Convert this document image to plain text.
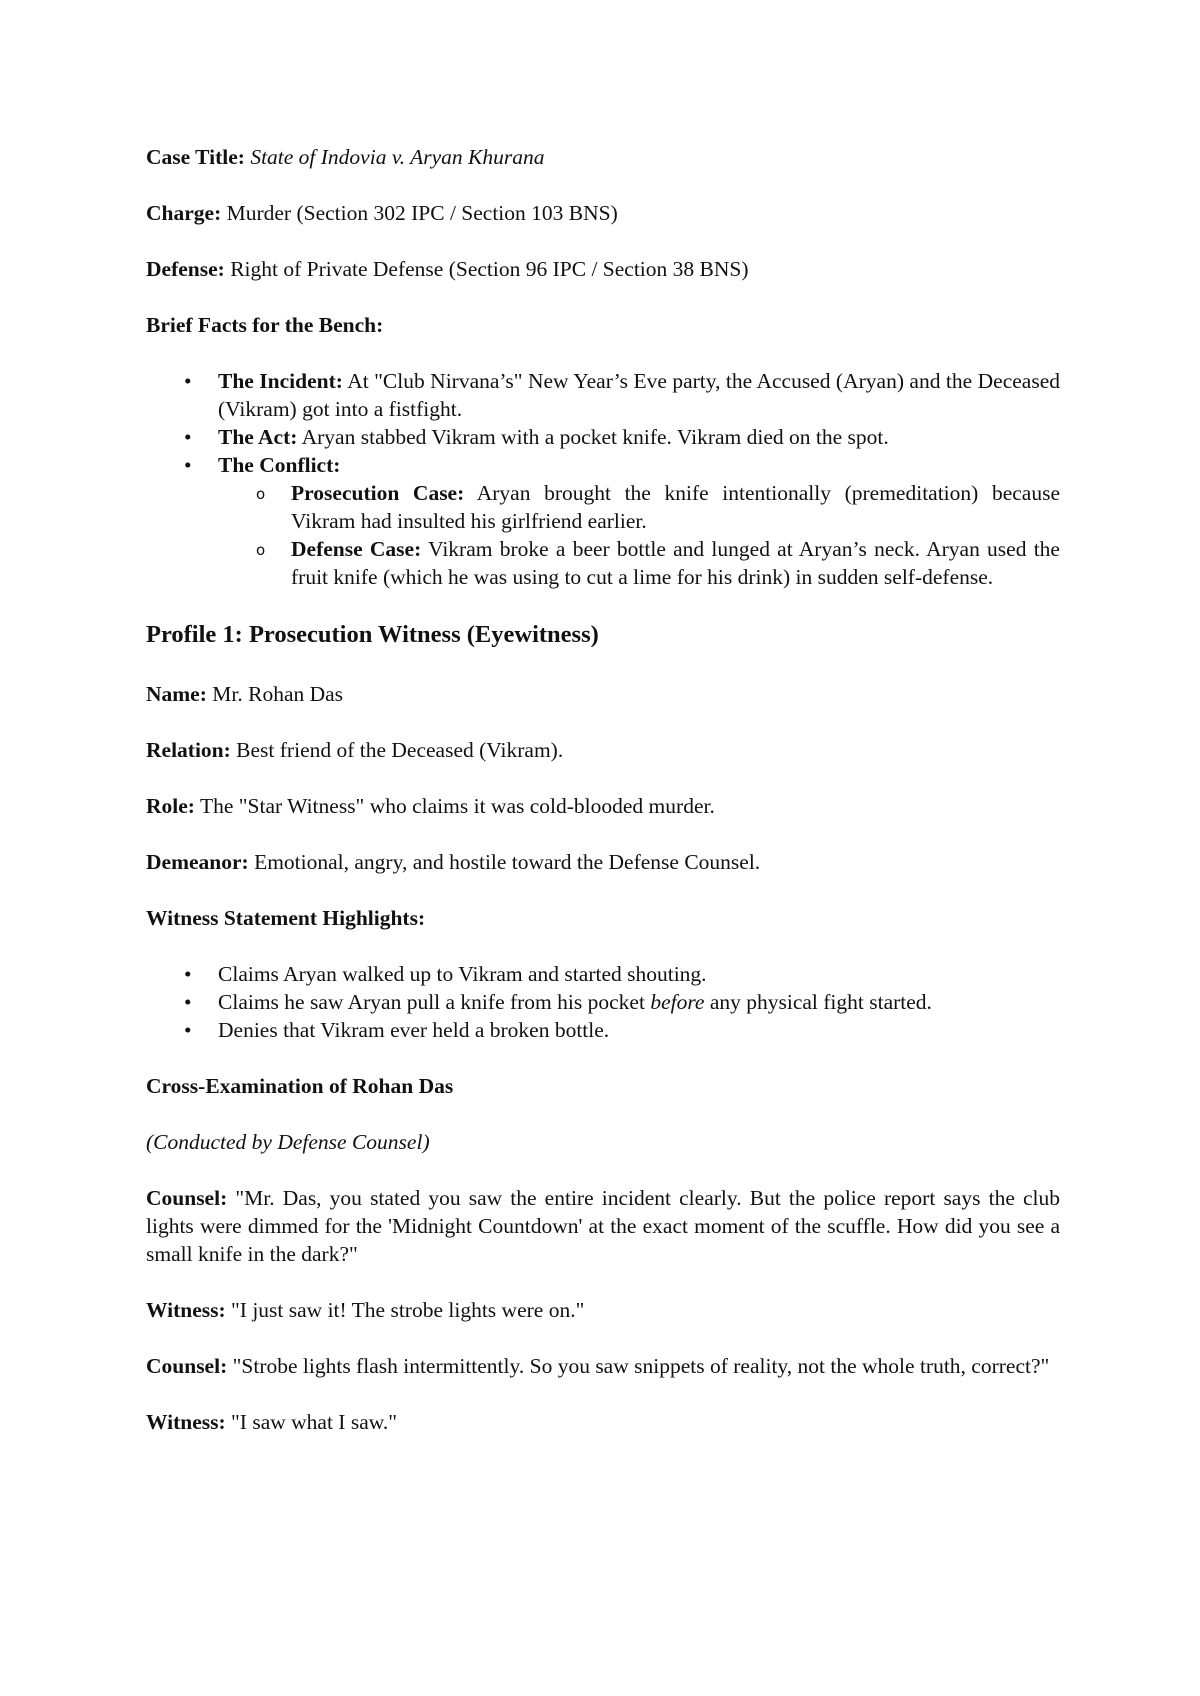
Case Title: State of Indovia v. Aryan Khurana

Charge: Murder (Section 302 IPC / Section 103 BNS)

Defense: Right of Private Defense (Section 96 IPC / Section 38 BNS)

Brief Facts for the Bench:

• The Incident: At "Club Nirvana’s" New Year’s Eve party, the Accused (Aryan) and the Deceased (Vikram) got into a fistfight.
• The Act: Aryan stabbed Vikram with a pocket knife. Vikram died on the spot.
• The Conflict:
o Prosecution Case: Aryan brought the knife intentionally (premeditation) because Vikram had insulted his girlfriend earlier.
o Defense Case: Vikram broke a beer bottle and lunged at Aryan’s neck. Aryan used the fruit knife (which he was using to cut a lime for his drink) in sudden self-defense.
Profile 1: Prosecution Witness (Eyewitness)

Name: Mr. Rohan Das

Relation: Best friend of the Deceased (Vikram).

Role: The "Star Witness" who claims it was cold-blooded murder.

Demeanor: Emotional, angry, and hostile toward the Defense Counsel.

Witness Statement Highlights:

• Claims Aryan walked up to Vikram and started shouting.
• Claims he saw Aryan pull a knife from his pocket before any physical fight started.
• Denies that Vikram ever held a broken bottle.

Cross-Examination of Rohan Das

(Conducted by Defense Counsel)

Counsel: "Mr. Das, you stated you saw the entire incident clearly. But the police report says the club lights were dimmed for the 'Midnight Countdown' at the exact moment of the scuffle. How did you see a small knife in the dark?"

Witness: "I just saw it! The strobe lights were on."

Counsel: "Strobe lights flash intermittently. So you saw snippets of reality, not the whole truth, correct?"

Witness: "I saw what I saw."
